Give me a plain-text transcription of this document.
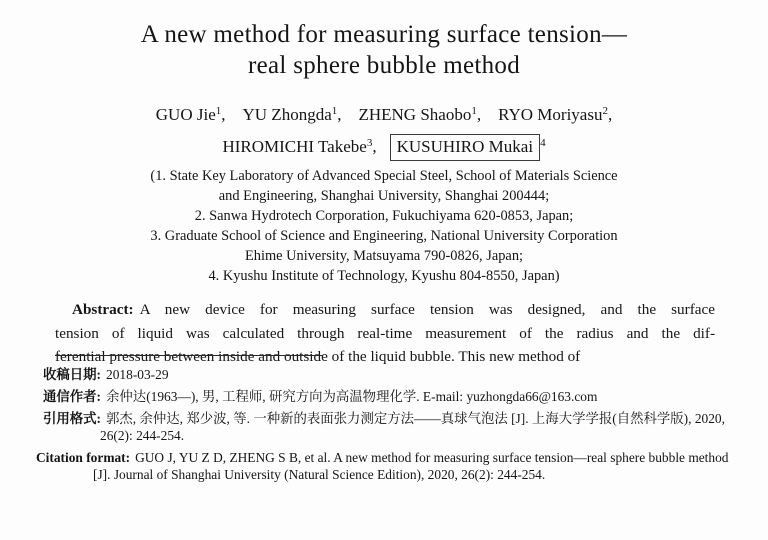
A new method for measuring surface tension—
real sphere bubble method
GUO Jie$^1$, YU Zhongda$^1$, ZHENG Shaobo$^1$, RYO Moriyasu$^2$,
HIROMICHI Takebe$^3$, KUSUHIRO Mukai $^4$
(1. State Key Laboratory of Advanced Special Steel, School of Materials Science
and Engineering, Shanghai University, Shanghai 200444;
2. Sanwa Hydrotech Corporation, Fukuchiyama 620-0853, Japan;
3. Graduate School of Science and Engineering, National University Corporation
Ehime University, Matsuyama 790-0826, Japan;
4. Kyushu Institute of Technology, Kyushu 804-8550, Japan)
Abstract: A new device for measuring surface tension was designed, and the surface
tension of liquid was calculated through real-time measurement of the radius and the dif-
ferential pressure between inside and outside of the liquid bubble. This new method of
收稿日期: 2018-03-29
通信作者: 余仲达(1963—), 男, 工程师, 研究方向为高温物理化学. E-mail: yuzhongda66@163.com
引用格式: 郭杰, 余仲达, 郑少波, 等. 一种新的表面张力测定方法——真球气泡法 [J]. 上海大学学报(自然科学版), 2020, 26(2): 244-254.
Citation format: GUO J, YU Z D, ZHENG S B, et al. A new method for measuring surface tension—real sphere bubble method [J]. Journal of Shanghai University (Natural Science Edition), 2020, 26(2): 244-254.
